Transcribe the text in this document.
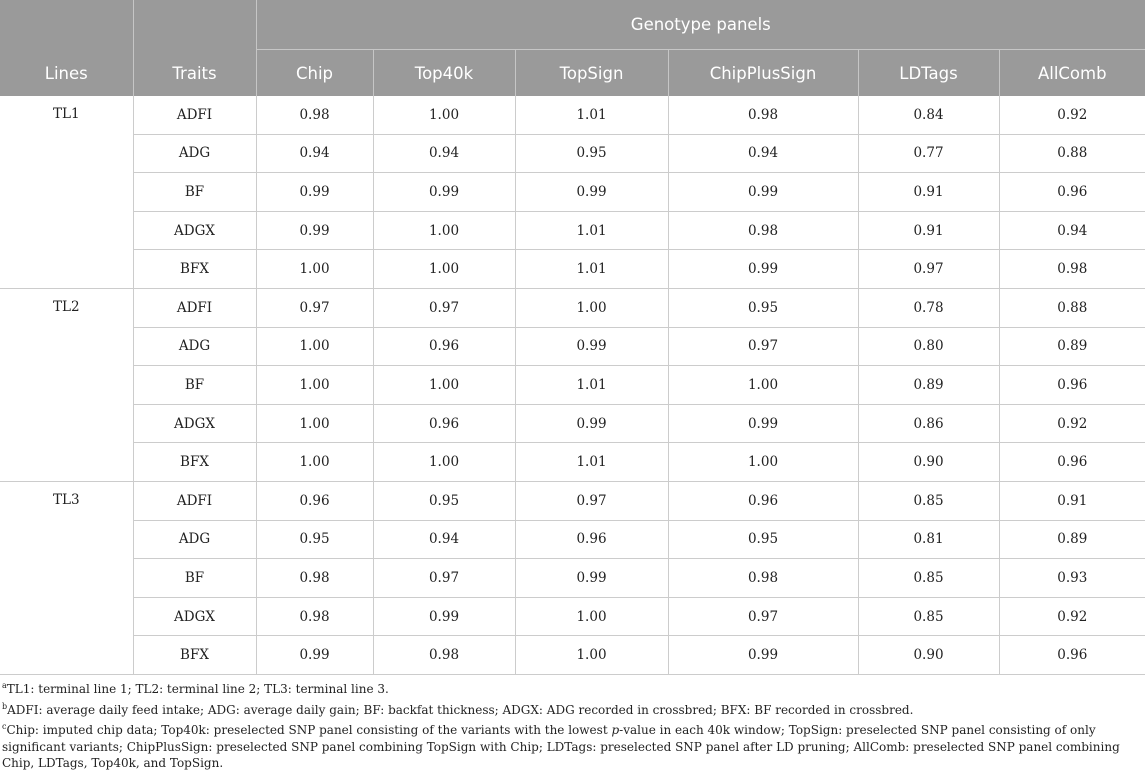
Lines	Traits	Genotype panels					
		Chip	Top40k	TopSign	ChipPlusSign	LDTags	AllComb
TL1	ADFI	0.98	1.00	1.01	0.98	0.84	0.92
	ADG	0.94	0.94	0.95	0.94	0.77	0.88
	BF	0.99	0.99	0.99	0.99	0.91	0.96
	ADGX	0.99	1.00	1.01	0.98	0.91	0.94
	BFX	1.00	1.00	1.01	0.99	0.97	0.98
TL2	ADFI	0.97	0.97	1.00	0.95	0.78	0.88
	ADG	1.00	0.96	0.99	0.97	0.80	0.89
	BF	1.00	1.00	1.01	1.00	0.89	0.96
	ADGX	1.00	0.96	0.99	0.99	0.86	0.92
	BFX	1.00	1.00	1.01	1.00	0.90	0.96
TL3	ADFI	0.96	0.95	0.97	0.96	0.85	0.91
	ADG	0.95	0.94	0.96	0.95	0.81	0.89
	BF	0.98	0.97	0.99	0.98	0.85	0.93
	ADGX	0.98	0.99	1.00	0.97	0.85	0.92
	BFX	0.99	0.98	1.00	0.99	0.90	0.96

$^a$TL1: terminal line 1; TL2: terminal line 2; TL3: terminal line 3.

$^b$ADFI: average daily feed intake; ADG: average daily gain; BF: backfat thickness; ADGX: ADG recorded in crossbred; BFX: BF recorded in crossbred.

$^c$Chip: imputed chip data; Top40k: preselected SNP panel consisting of the variants with the lowest p-value in each 40k window; TopSign: preselected SNP panel consisting of only significant variants; ChipPlusSign: preselected SNP panel combining TopSign with Chip; LDTags: preselected SNP panel after LD pruning; AllComb: preselected SNP panel combining Chip, LDTags, Top40k, and TopSign.
